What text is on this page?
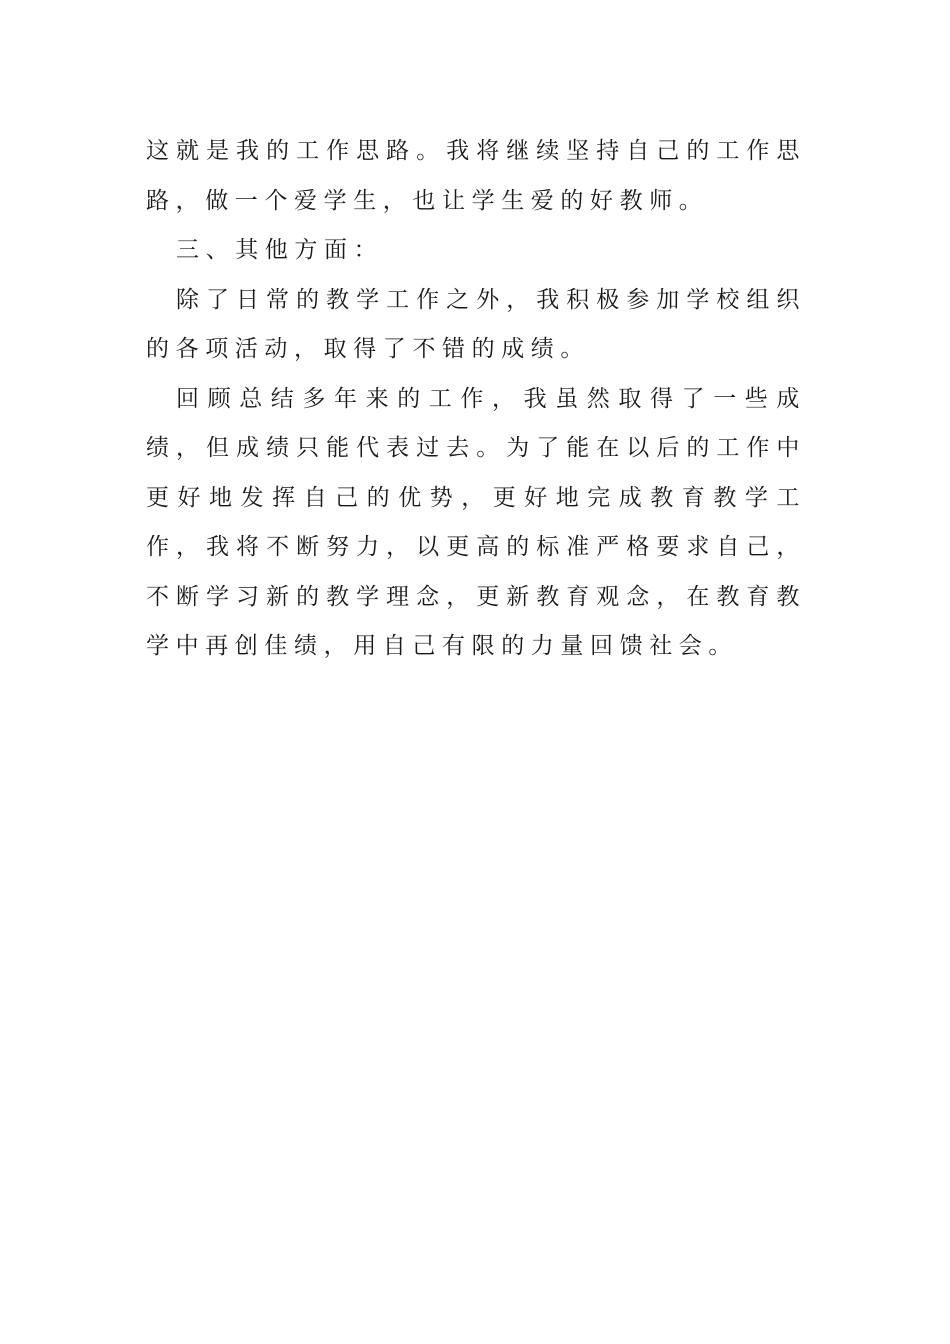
这就是我的工作思路。我将继续坚持自己的工作思路，做一个爱学生，也让学生爱的好教师。

三、其他方面：

除了日常的教学工作之外，我积极参加学校组织的各项活动，取得了不错的成绩。

回顾总结多年来的工作，我虽然取得了一些成绩，但成绩只能代表过去。为了能在以后的工作中更好地发挥自己的优势，更好地完成教育教学工作，我将不断努力，以更高的标准严格要求自己，不断学习新的教学理念，更新教育观念，在教育教学中再创佳绩，用自己有限的力量回馈社会。
